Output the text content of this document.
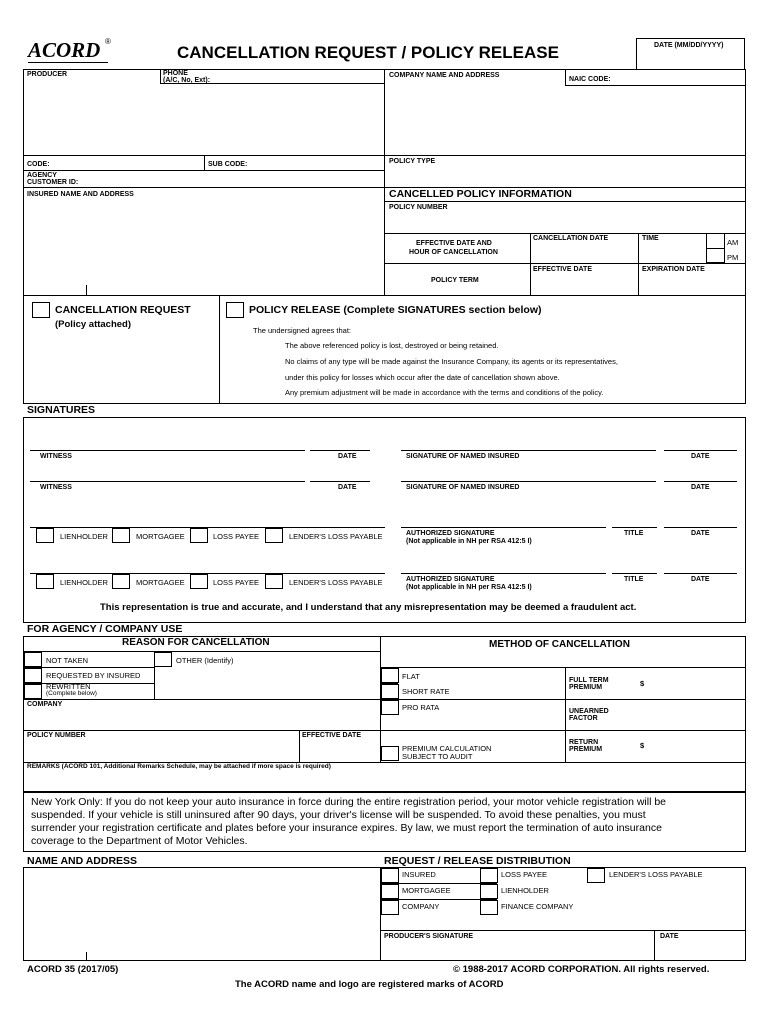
ACORD ®
CANCELLATION REQUEST / POLICY RELEASE	DATE (MM/DD/YYYY)
PRODUCER	PHONE
(A/C, No, Ext):
COMPANY NAME AND ADDRESS
NAIC CODE:
CODE:	SUB CODE:	POLICY TYPE
AGENCY
CUSTOMER ID:
INSURED NAME AND ADDRESS	CANCELLED POLICY INFORMATION
POLICY NUMBER
EFFECTIVE DATE AND
HOUR OF CANCELLATION
CANCELLATION DATE	TIME	AM
PM
POLICY TERM
EFFECTIVE DATE	EXPIRATION DATE
CANCELLATION REQUEST
(Policy attached)
POLICY RELEASE (Complete SIGNATURES section below)
The undersigned agrees that:
The above referenced policy is lost, destroyed or being retained.
No claims of any type will be made against the Insurance Company, its agents or its representatives,
under this policy for losses which occur after the date of cancellation shown above.
Any premium adjustment will be made in accordance with the terms and conditions of the policy.
SIGNATURES
WITNESS	DATE	SIGNATURE OF NAMED INSURED	DATE
WITNESS	DATE	SIGNATURE OF NAMED INSURED	DATE
LIENHOLDER	MORTGAGEE	LOSS PAYEE	LENDER'S LOSS PAYABLE	AUTHORIZED SIGNATURE
(Not applicable in NH per RSA 412:5 I)
TITLE	DATE
LIENHOLDER	MORTGAGEE	LOSS PAYEE	LENDER'S LOSS PAYABLE	AUTHORIZED SIGNATURE
(Not applicable in NH per RSA 412:5 I)
TITLE	DATE
This representation is true and accurate, and I understand that any misrepresentation may be deemed a fraudulent act.
FOR AGENCY / COMPANY USE
REASON FOR CANCELLATION	METHOD OF CANCELLATION
NOT TAKEN	OTHER (Identify)
REQUESTED BY INSURED
REWRITTEN
(Complete below)
COMPANY
POLICY NUMBER	EFFECTIVE DATE
FLAT
SHORT RATE
PRO RATA
PREMIUM CALCULATION
SUBJECT TO AUDIT
FULL TERM
PREMIUM	$
UNEARNED
FACTOR
RETURN
PREMIUM	$
REMARKS (ACORD 101, Additional Remarks Schedule, may be attached if more space is required)
New York Only: If you do not keep your auto insurance in force during the entire registration period, your motor vehicle registration will be
suspended. If your vehicle is still uninsured after 90 days, your driver's license will be suspended. To avoid these penalties, you must
surrender your registration certificate and plates before your insurance expires. By law, we must report the termination of auto insurance
coverage to the Department of Motor Vehicles.
NAME AND ADDRESS	REQUEST / RELEASE DISTRIBUTION
INSURED	LOSS PAYEE	LENDER'S LOSS PAYABLE
MORTGAGEE	LIENHOLDER
COMPANY	FINANCE COMPANY
PRODUCER'S SIGNATURE	DATE
ACORD 35 (2017/05)	© 1988-2017 ACORD CORPORATION. All rights reserved.
The ACORD name and logo are registered marks of ACORD
